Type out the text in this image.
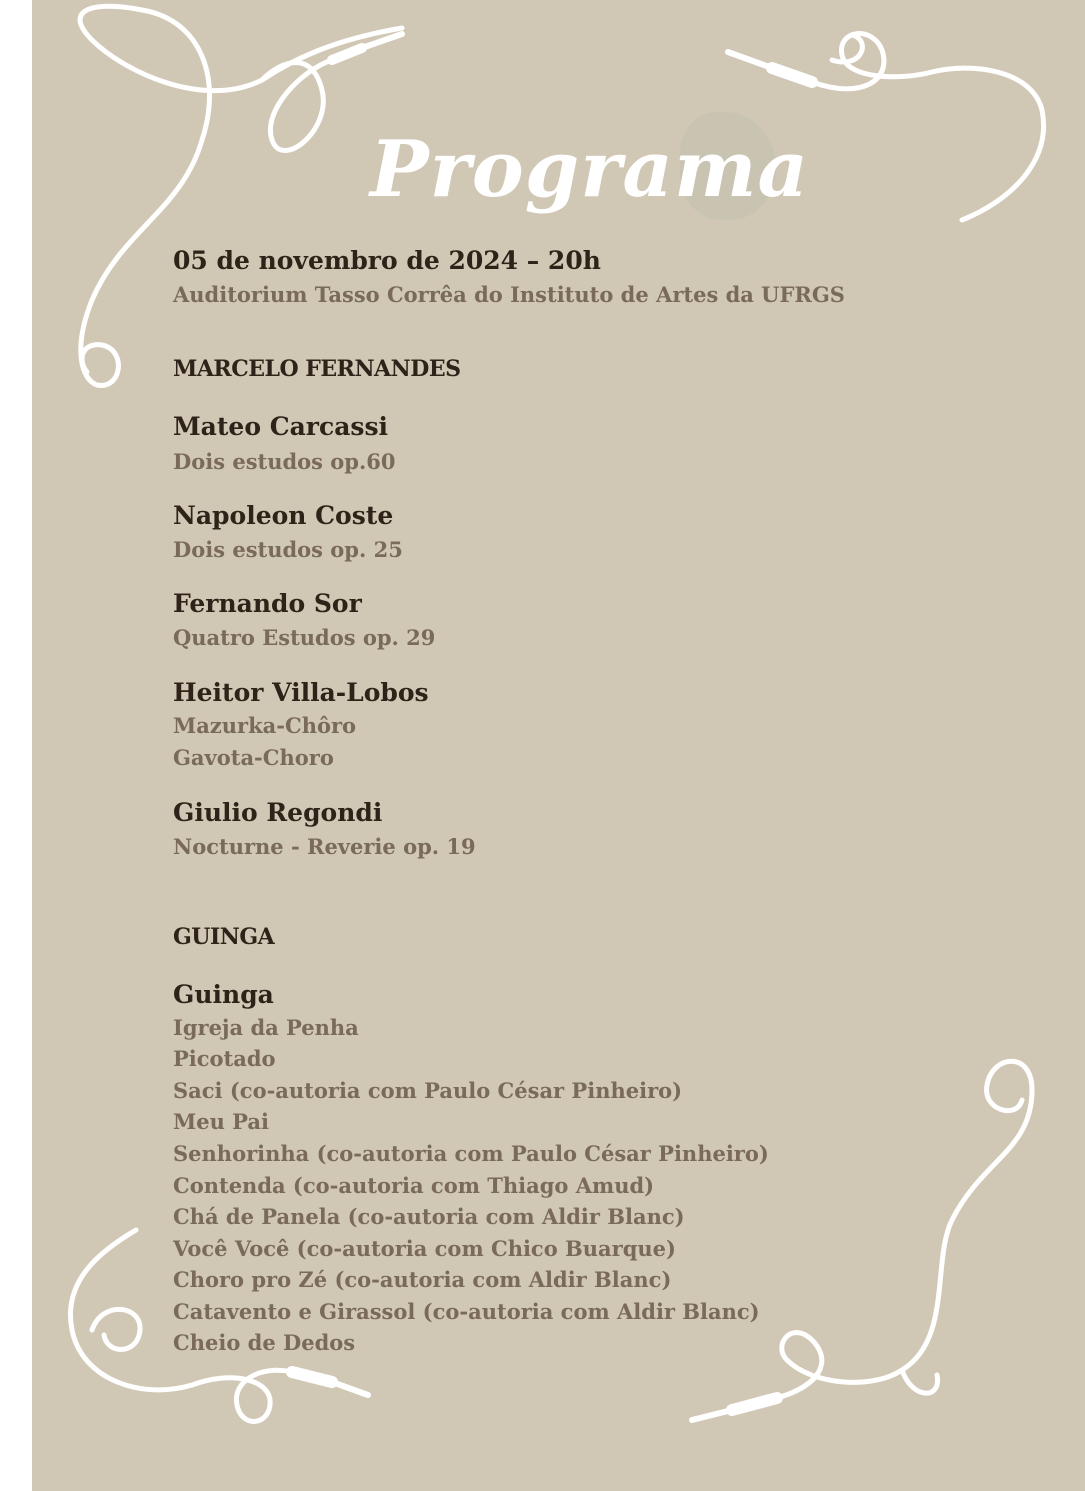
Programa
05 de novembro de 2024 – 20h
Auditorium Tasso Corrêa do Instituto de Artes da UFRGS
MARCELO FERNANDES
Mateo Carcassi
Dois estudos op.60
Napoleon Coste
Dois estudos op. 25
Fernando Sor
Quatro Estudos op. 29
Heitor Villa-Lobos
Mazurka-Chôro
Gavota-Choro
Giulio Regondi
Nocturne - Reverie op. 19
GUINGA
Guinga
Igreja da Penha
Picotado
Saci (co-autoria com Paulo César Pinheiro)
Meu Pai
Senhorinha (co-autoria com Paulo César Pinheiro)
Contenda (co-autoria com Thiago Amud)
Chá de Panela (co-autoria com Aldir Blanc)
Você Você (co-autoria com Chico Buarque)
Choro pro Zé (co-autoria com Aldir Blanc)
Catavento e Girassol (co-autoria com Aldir Blanc)
Cheio de Dedos
